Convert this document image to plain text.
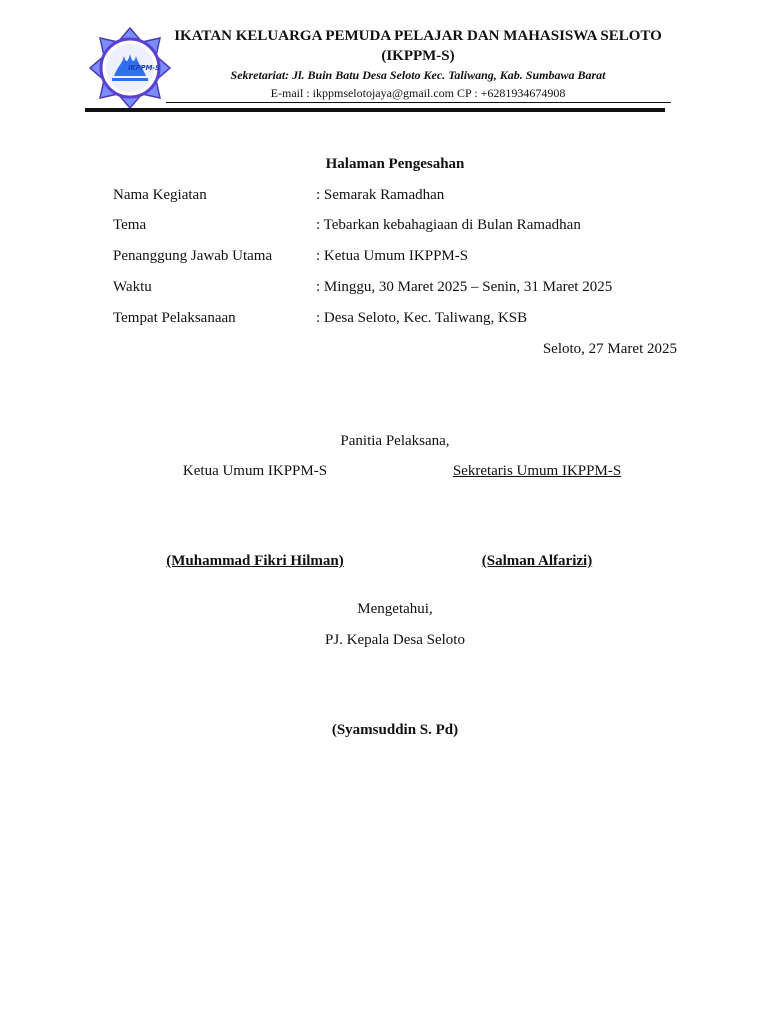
IKPPM-S
IKATAN KELUARGA PEMUDA PELAJAR DAN MAHASISWA SELOTO
(IKPPM-S)
Sekretariat: Jl. Buin Batu Desa Seloto Kec. Taliwang, Kab. Sumbawa Barat
E-mail : ikppmselotojaya@gmail.com CP : +6281934674908
Halaman Pengesahan
Nama Kegiatan	: Semarak Ramadhan
Tema	: Tebarkan kebahagiaan di Bulan Ramadhan
Penanggung Jawab Utama	: Ketua Umum IKPPM-S
Waktu	: Minggu, 30 Maret 2025 – Senin, 31 Maret 2025
Tempat Pelaksanaan	: Desa Seloto, Kec. Taliwang, KSB
Seloto, 27 Maret 2025
Panitia Pelaksana,
Ketua Umum IKPPM-S	Sekretaris Umum IKPPM-S
(Muhammad Fikri Hilman)	(Salman Alfarizi)
Mengetahui,
PJ. Kepala Desa Seloto
(Syamsuddin S. Pd)
